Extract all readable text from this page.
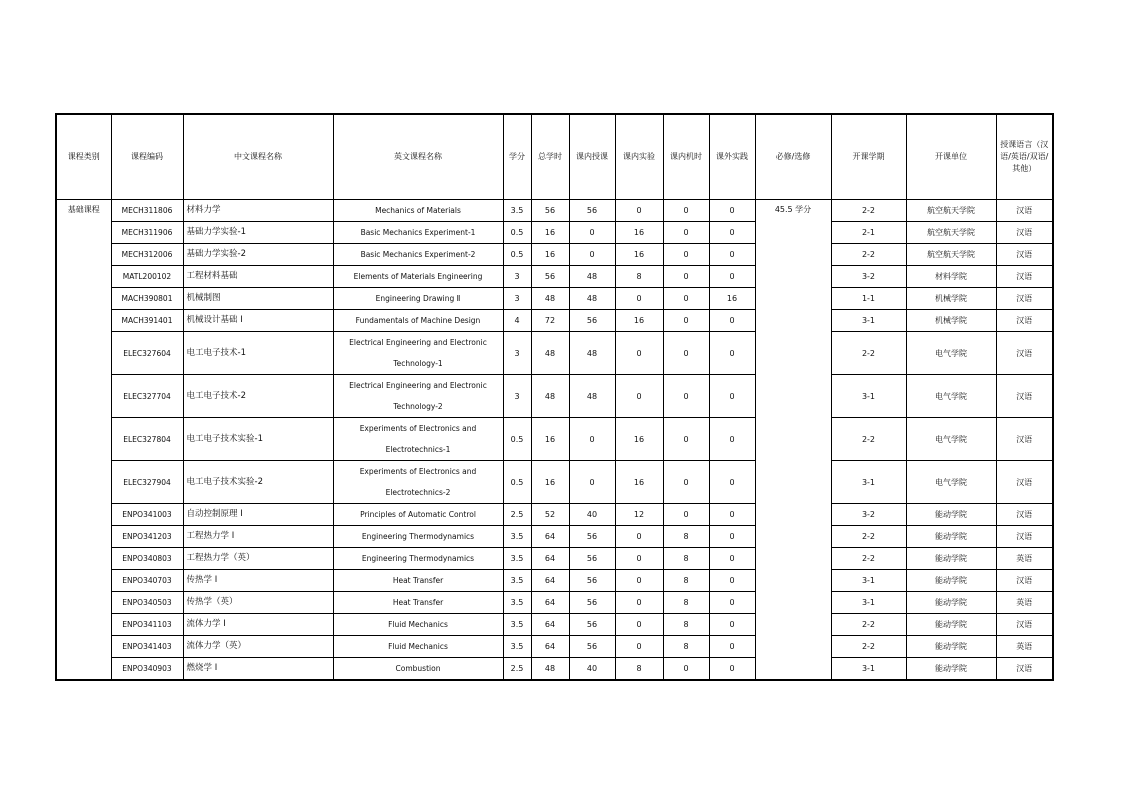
课程类别	课程编码	中文课程名称	英文课程名称	学分	总学时	课内授课	课内实验	课内机时	课外实践	必修/选修	开课学期	开课单位	授课语言（汉语/英语/双语/其他）
基础课程	MECH311806	材料力学	Mechanics of Materials	3.5	56	56	0	0	0	45.5 学分	2-2	航空航天学院	汉语
	MECH311906	基础力学实验-1	Basic Mechanics Experiment-1	0.5	16	0	16	0	0		2-1	航空航天学院	汉语
	MECH312006	基础力学实验-2	Basic Mechanics Experiment-2	0.5	16	0	16	0	0		2-2	航空航天学院	汉语
	MATL200102	工程材料基础	Elements of Materials Engineering	3	56	48	8	0	0		3-2	材料学院	汉语
	MACH390801	机械制图	Engineering Drawing Ⅱ	3	48	48	0	0	16		1-1	机械学院	汉语
	MACH391401	机械设计基础 I	Fundamentals of Machine Design	4	72	56	16	0	0		3-1	机械学院	汉语
	ELEC327604	电工电子技术-1	Electrical Engineering and Electronic Technology-1	3	48	48	0	0	0		2-2	电气学院	汉语
	ELEC327704	电工电子技术-2	Electrical Engineering and Electronic Technology-2	3	48	48	0	0	0		3-1	电气学院	汉语
	ELEC327804	电工电子技术实验-1	Experiments of Electronics and Electrotechnics-1	0.5	16	0	16	0	0		2-2	电气学院	汉语
	ELEC327904	电工电子技术实验-2	Experiments of Electronics and Electrotechnics-2	0.5	16	0	16	0	0		3-1	电气学院	汉语
	ENPO341003	自动控制原理 I	Principles of Automatic Control	2.5	52	40	12	0	0		3-2	能动学院	汉语
	ENPO341203	工程热力学 I	Engineering Thermodynamics	3.5	64	56	0	8	0		2-2	能动学院	汉语
	ENPO340803	工程热力学（英）	Engineering Thermodynamics	3.5	64	56	0	8	0		2-2	能动学院	英语
	ENPO340703	传热学 I	Heat Transfer	3.5	64	56	0	8	0		3-1	能动学院	汉语
	ENPO340503	传热学（英）	Heat Transfer	3.5	64	56	0	8	0		3-1	能动学院	英语
	ENPO341103	流体力学 I	Fluid Mechanics	3.5	64	56	0	8	0		2-2	能动学院	汉语
	ENPO341403	流体力学（英）	Fluid Mechanics	3.5	64	56	0	8	0		2-2	能动学院	英语
	ENPO340903	燃烧学 I	Combustion	2.5	48	40	8	0	0		3-1	能动学院	汉语
